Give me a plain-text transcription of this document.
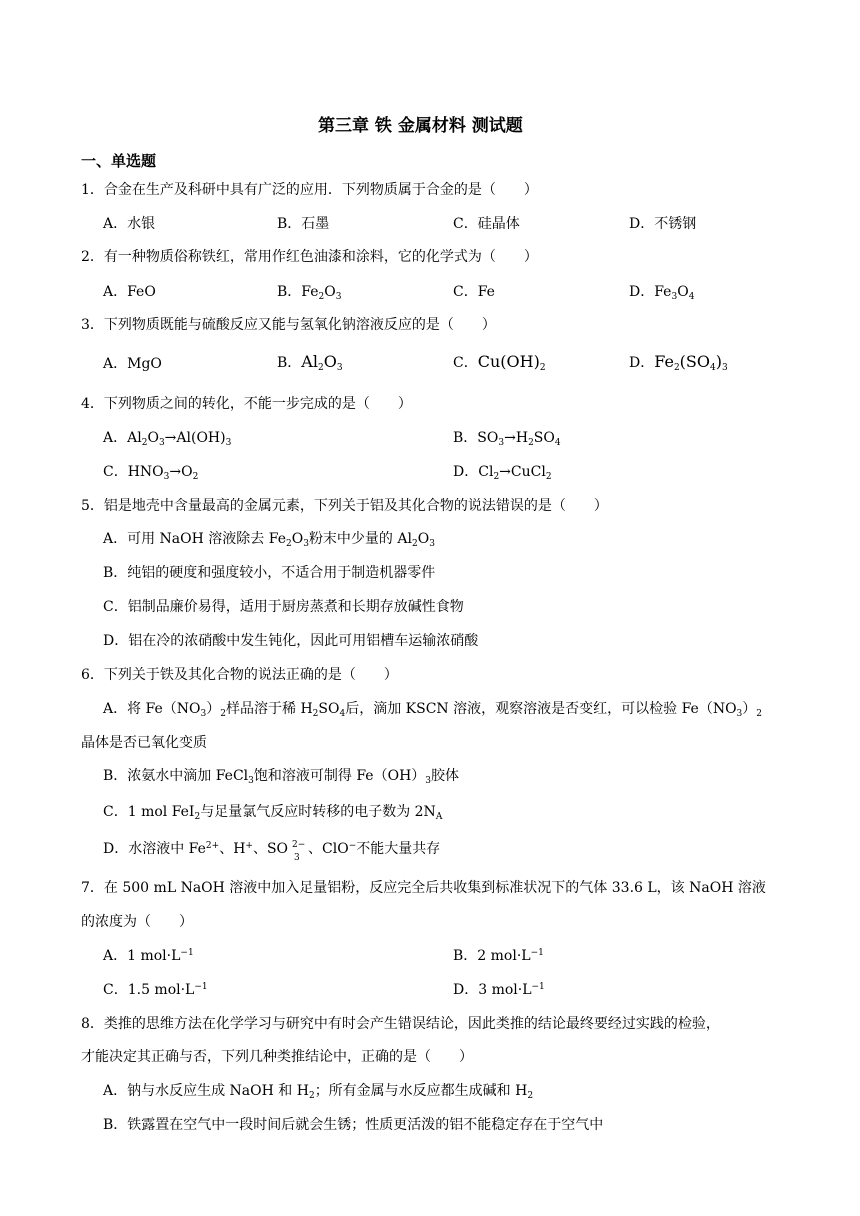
第三章 铁 金属材料 测试题
一、单选题
1．合金在生产及科研中具有广泛的应用．下列物质属于合金的是（　　）
A．水银	B．石墨	C．硅晶体	D．不锈钢
2．有一种物质俗称铁红，常用作红色油漆和涂料，它的化学式为（　　）
A．FeO	B．$Fe_2O_3$	C．Fe	D．$Fe_3O_4$
3．下列物质既能与硫酸反应又能与氢氧化钠溶液反应的是（　　）
A．MgO	B．$Al_2O_3$	C．$Cu(OH)_2$	D．$Fe_2(SO_4)_3$
4．下列物质之间的转化，不能一步完成的是（　　）
A．$Al_2O_3\to Al(OH)_3$	B．$SO_3\to H_2SO_4$
C．$HNO_3\to O_2$	D．$Cl_2\to CuCl_2$
5．铝是地壳中含量最高的金属元素，下列关于铝及其化合物的说法错误的是（　　）
A．可用 NaOH 溶液除去 $Fe_2O_3$粉末中少量的 $Al_2O_3$
B．纯铝的硬度和强度较小，不适合用于制造机器零件
C．铝制品廉价易得，适用于厨房蒸煮和长期存放碱性食物
D．铝在冷的浓硝酸中发生钝化，因此可用铝槽车运输浓硝酸
6．下列关于铁及其化合物的说法正确的是（　　）
A．将 $Fe(NO_3)_2$样品溶于稀 $H_2SO_4$后，滴加 KSCN 溶液，观察溶液是否变红，可以检验 $Fe(NO_3)_2$
晶体是否已氧化变质
B．浓氨水中滴加 FeCl$_3$饱和溶液可制得 $Fe(OH)_3$胶体
C．1 mol FeI$_2$与足量氯气反应时转移的电子数为 $2N_A$
D．水溶液中 $Fe^{2+}$、H+、SO 2−
3
、ClO−不能大量共存
7．在 500 mL NaOH 溶液中加入足量铝粉，反应完全后共收集到标准状况下的气体 33.6 L，该 NaOH 溶液
的浓度为（　　）
A．1 $mol\cdot L^{-1}$	B．2 $mol\cdot L^{-1}$
C．1.5 $mol\cdot L^{-1}$	D．3 $mol\cdot L^{-1}$
8．类推的思维方法在化学学习与研究中有时会产生错误结论，因此类推的结论最终要经过实践的检验，
才能决定其正确与否，下列几种类推结论中，正确的是（　　）
A．钠与水反应生成 NaOH 和 $H_2$；所有金属与水反应都生成碱和 $H_2$
B．铁露置在空气中一段时间后就会生锈；性质更活泼的铝不能稳定存在于空气中
